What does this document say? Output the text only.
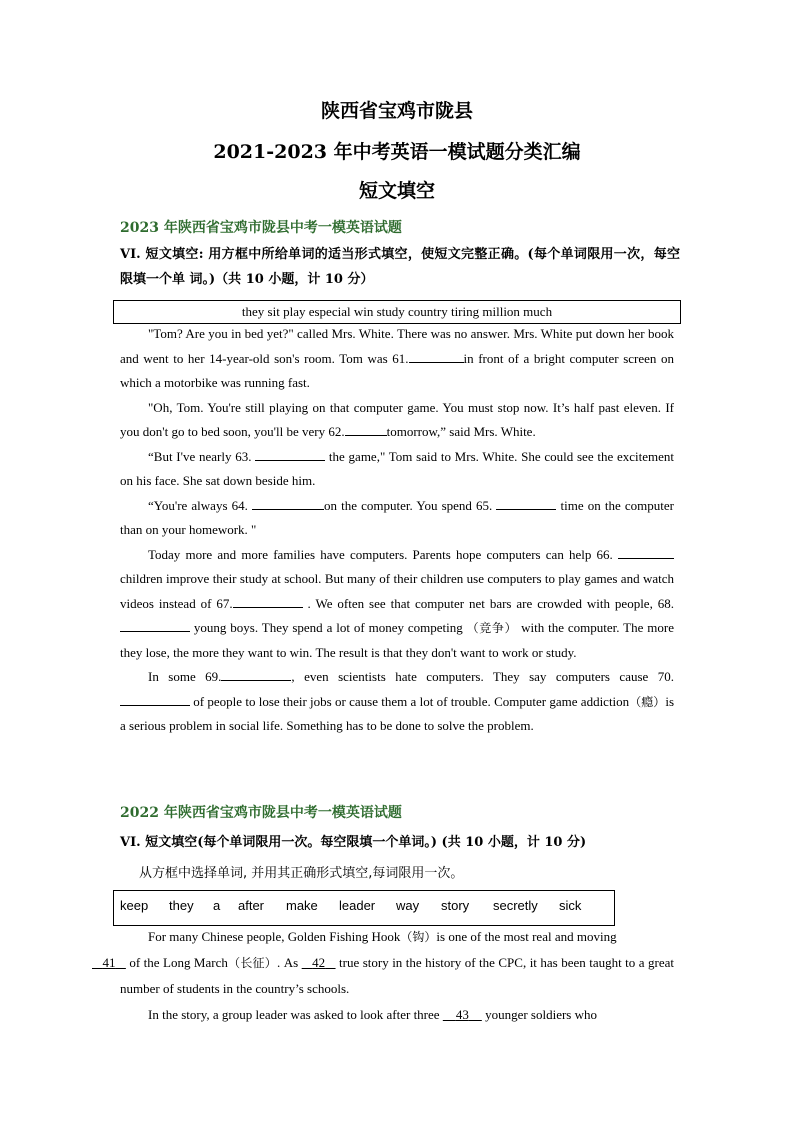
陕西省宝鸡市陇县
2021-2023 年中考英语一模试题分类汇编
短文填空
2023 年陕西省宝鸡市陇县中考一模英语试题
VI. 短文填空: 用方框中所给单词的适当形式填空，使短文完整正确。(每个单词限用一次，每空限填一个单 词。)（共 10 小题，计 10 分）
they sit play especial win study country tiring million much

"Tom? Are you in bed yet?" called Mrs. White. There was no answer. Mrs. White put down her book and went to her 14-year-old son's room. Tom was 61.	in front of a bright computer screen on which a motorbike was running fast.

"Oh, Tom. You're still playing on that computer game. You must stop now. It’s half past eleven. If you don't go to bed soon, you'll be very 62.	tomorrow,” said Mrs. White.

“But I've nearly 63.	the game," Tom said to Mrs. White. She could see the excitement on his face. She sat down beside him.

“You're always 64.	on the computer. You spend 65.	time on the computer than on your homework. "

Today more and more families have computers. Parents hope computers can help 66.  children improve their study at school. But many of their children use computers to play games and watch videos instead of 67.	. We often see that computer net bars are crowded with people, 68. young boys. They spend a lot of money competing （竞争） with the computer. The more they lose, the more they want to win. The result is that they don't want to work or study.

In some 69.	, even scientists hate computers. They say computers cause 70. of people to lose their jobs or cause them a lot of trouble. Computer game addiction（瘾）is a serious problem in social life. Something has to be done to solve the problem.

2022 年陕西省宝鸡市陇县中考一模英语试题
VI. 短文填空(每个单词限用一次。每空限填一个单词。) (共 10 小题，计 10 分)
从方框中选择单词, 并用其正确形式填空,每词限用一次。
keep they a after make leader way story secretly sick

For many Chinese people, Golden Fishing Hook（钩）is one of the most real and moving
41    of the Long March（长征）. As    42    true story in the history of the CPC, it has been taught to a great number of students in the country’s schools.

In the story, a group leader was asked to look after three     43     younger soldiers who
